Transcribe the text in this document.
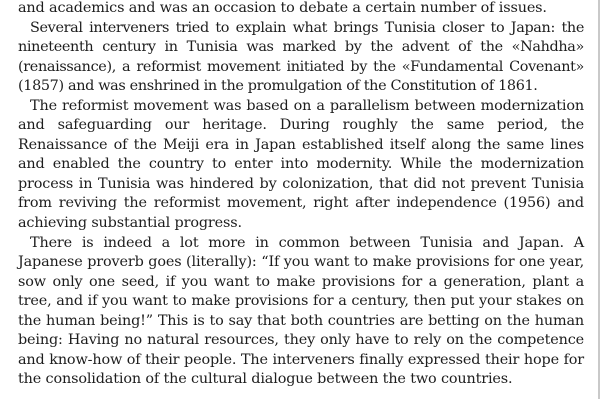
and academics and was an occasion to debate a certain number of issues.

Several interveners tried to explain what brings Tunisia closer to Japan: the nineteenth century in Tunisia was marked by the advent of the «Nahdha» (renaissance), a reformist movement initiated by the «Fundamental Covenant» (1857) and was enshrined in the promulgation of the Constitution of 1861.

The reformist movement was based on a parallelism between modernization and safeguarding our heritage. During roughly the same period, the Renaissance of the Meiji era in Japan established itself along the same lines and enabled the country to enter into modernity. While the modernization process in Tunisia was hindered by colonization, that did not prevent Tunisia from reviving the reformist movement, right after independence (1956) and achieving substantial progress.

There is indeed a lot more in common between Tunisia and Japan. A Japanese proverb goes (literally): “If you want to make provisions for one year, sow only one seed, if you want to make provisions for a generation, plant a tree, and if you want to make provisions for a century, then put your stakes on the human being!” This is to say that both countries are betting on the human being: Having no natural resources, they only have to rely on the competence and know-how of their people. The interveners finally expressed their hope for the consolidation of the cultural dialogue between the two countries.
